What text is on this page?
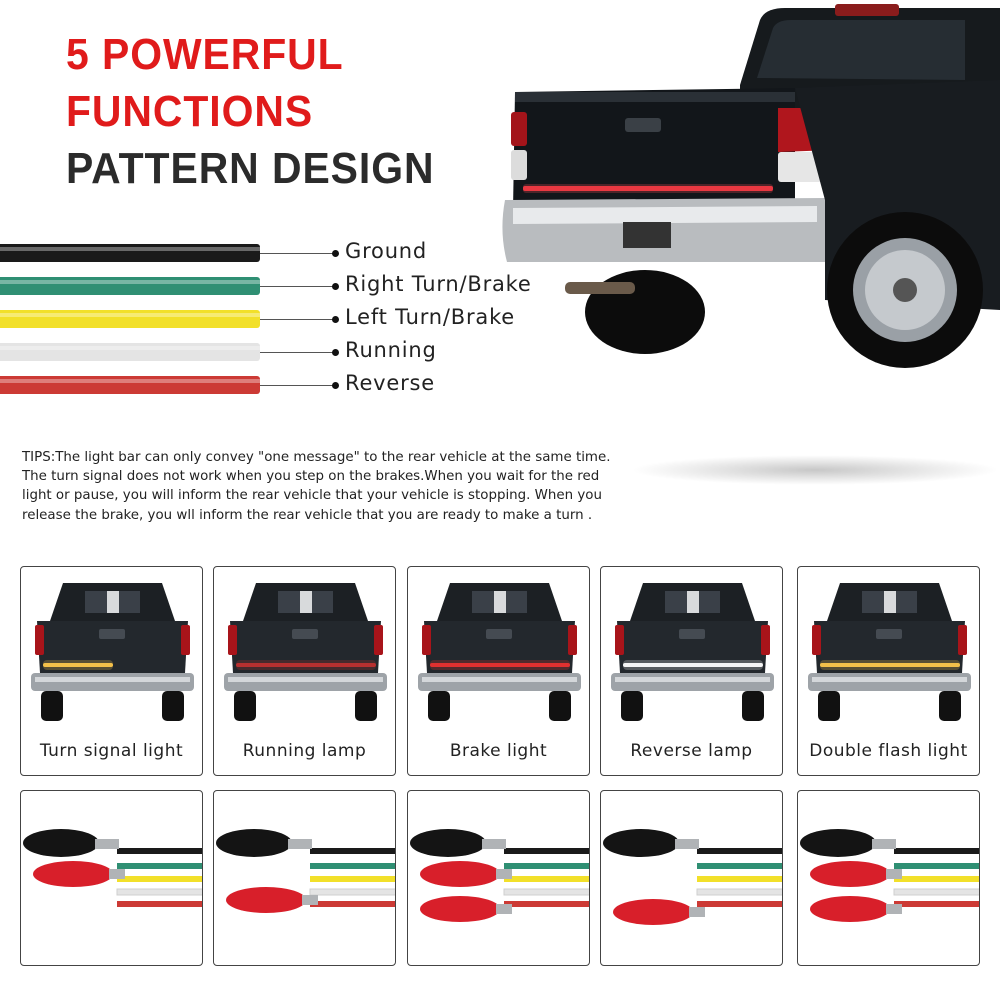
5 POWERFUL
FUNCTIONS
PATTERN DESIGN
Ground
Right Turn/Brake
Left Turn/Brake
Running
Reverse
TIPS:The light bar can only convey "one message" to the rear vehicle at the same time. The turn signal does not work when you step on the brakes.When you wait for the red light or pause, you will inform the rear vehicle that your vehicle is stopping. When you release the brake, you wll inform the rear vehicle that you are ready to make a turn .
Turn signal light	Running lamp	Brake light	Reverse lamp	Double flash light
